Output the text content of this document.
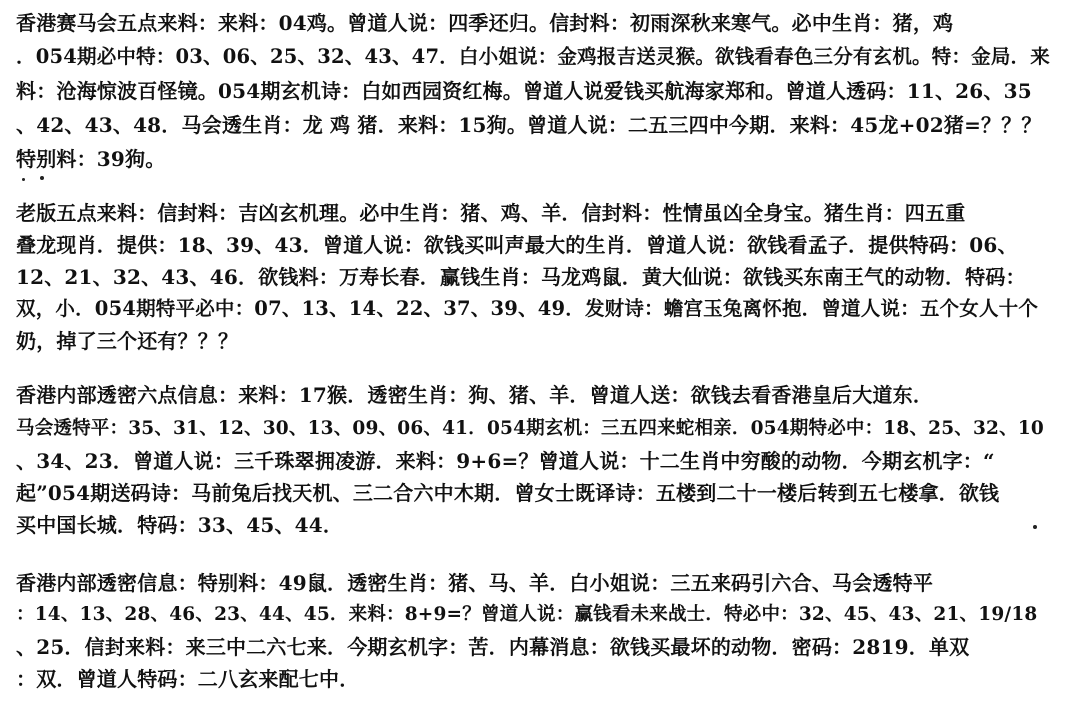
香港赛马会五点来料：来料：04鸡。曾道人说：四季还归。信封料：初雨深秋来寒气。必中生肖：猪，鸡
．054期必中特：03、06、25、32、43、47．白小姐说：金鸡报吉送灵猴。欲钱看春色三分有玄机。特：金局．来
料：沧海惊波百怪镜。054期玄机诗：白如西园资红梅。曾道人说爱钱买航海家郑和。曾道人透码：11、26、35
、42、43、48．马会透生肖：龙 鸡 猪．来料：15狗。曾道人说：二五三四中今期．来料：45龙+02猪=？？？
特别料：39狗。
老版五点来料：信封料：吉凶玄机理。必中生肖：猪、鸡、羊．信封料：性情虽凶全身宝。猪生肖：四五重
叠龙现肖．提供：18、39、43．曾道人说：欲钱买叫声最大的生肖．曾道人说：欲钱看孟子．提供特码：06、
12、21、32、43、46．欲钱料：万寿长春．赢钱生肖：马龙鸡鼠．黄大仙说：欲钱买东南王气的动物．特码：
双，小．054期特平必中：07、13、14、22、37、39、49．发财诗：蟾宫玉兔离怀抱．曾道人说：五个女人十个
奶，掉了三个还有？？？
香港内部透密六点信息：来料：17猴．透密生肖：狗、猪、羊．曾道人送：欲钱去看香港皇后大道东．
马会透特平：35、31、12、30、13、09、06、41．054期玄机：三五四来蛇相亲．054期特必中：18、25、32、10
、34、23．曾道人说：三千珠翠拥凌游．来料：9+6=？曾道人说：十二生肖中穷酸的动物．今期玄机字：“
起”054期送码诗：马前兔后找天机、三二合六中木期．曾女士既译诗：五楼到二十一楼后转到五七楼拿．欲钱
买中国长城．特码：33、45、44．
香港内部透密信息：特别料：49鼠．透密生肖：猪、马、羊．白小姐说：三五来码引六合、马会透特平
：14、13、28、46、23、44、45．来料：8+9=？曾道人说：赢钱看未来战士．特必中：32、45、43、21、19/18
、25．信封来料：来三中二六七来．今期玄机字：苦．内幕消息：欲钱买最坏的动物．密码：2819．单双
：双．曾道人特码：二八玄来配七中．
